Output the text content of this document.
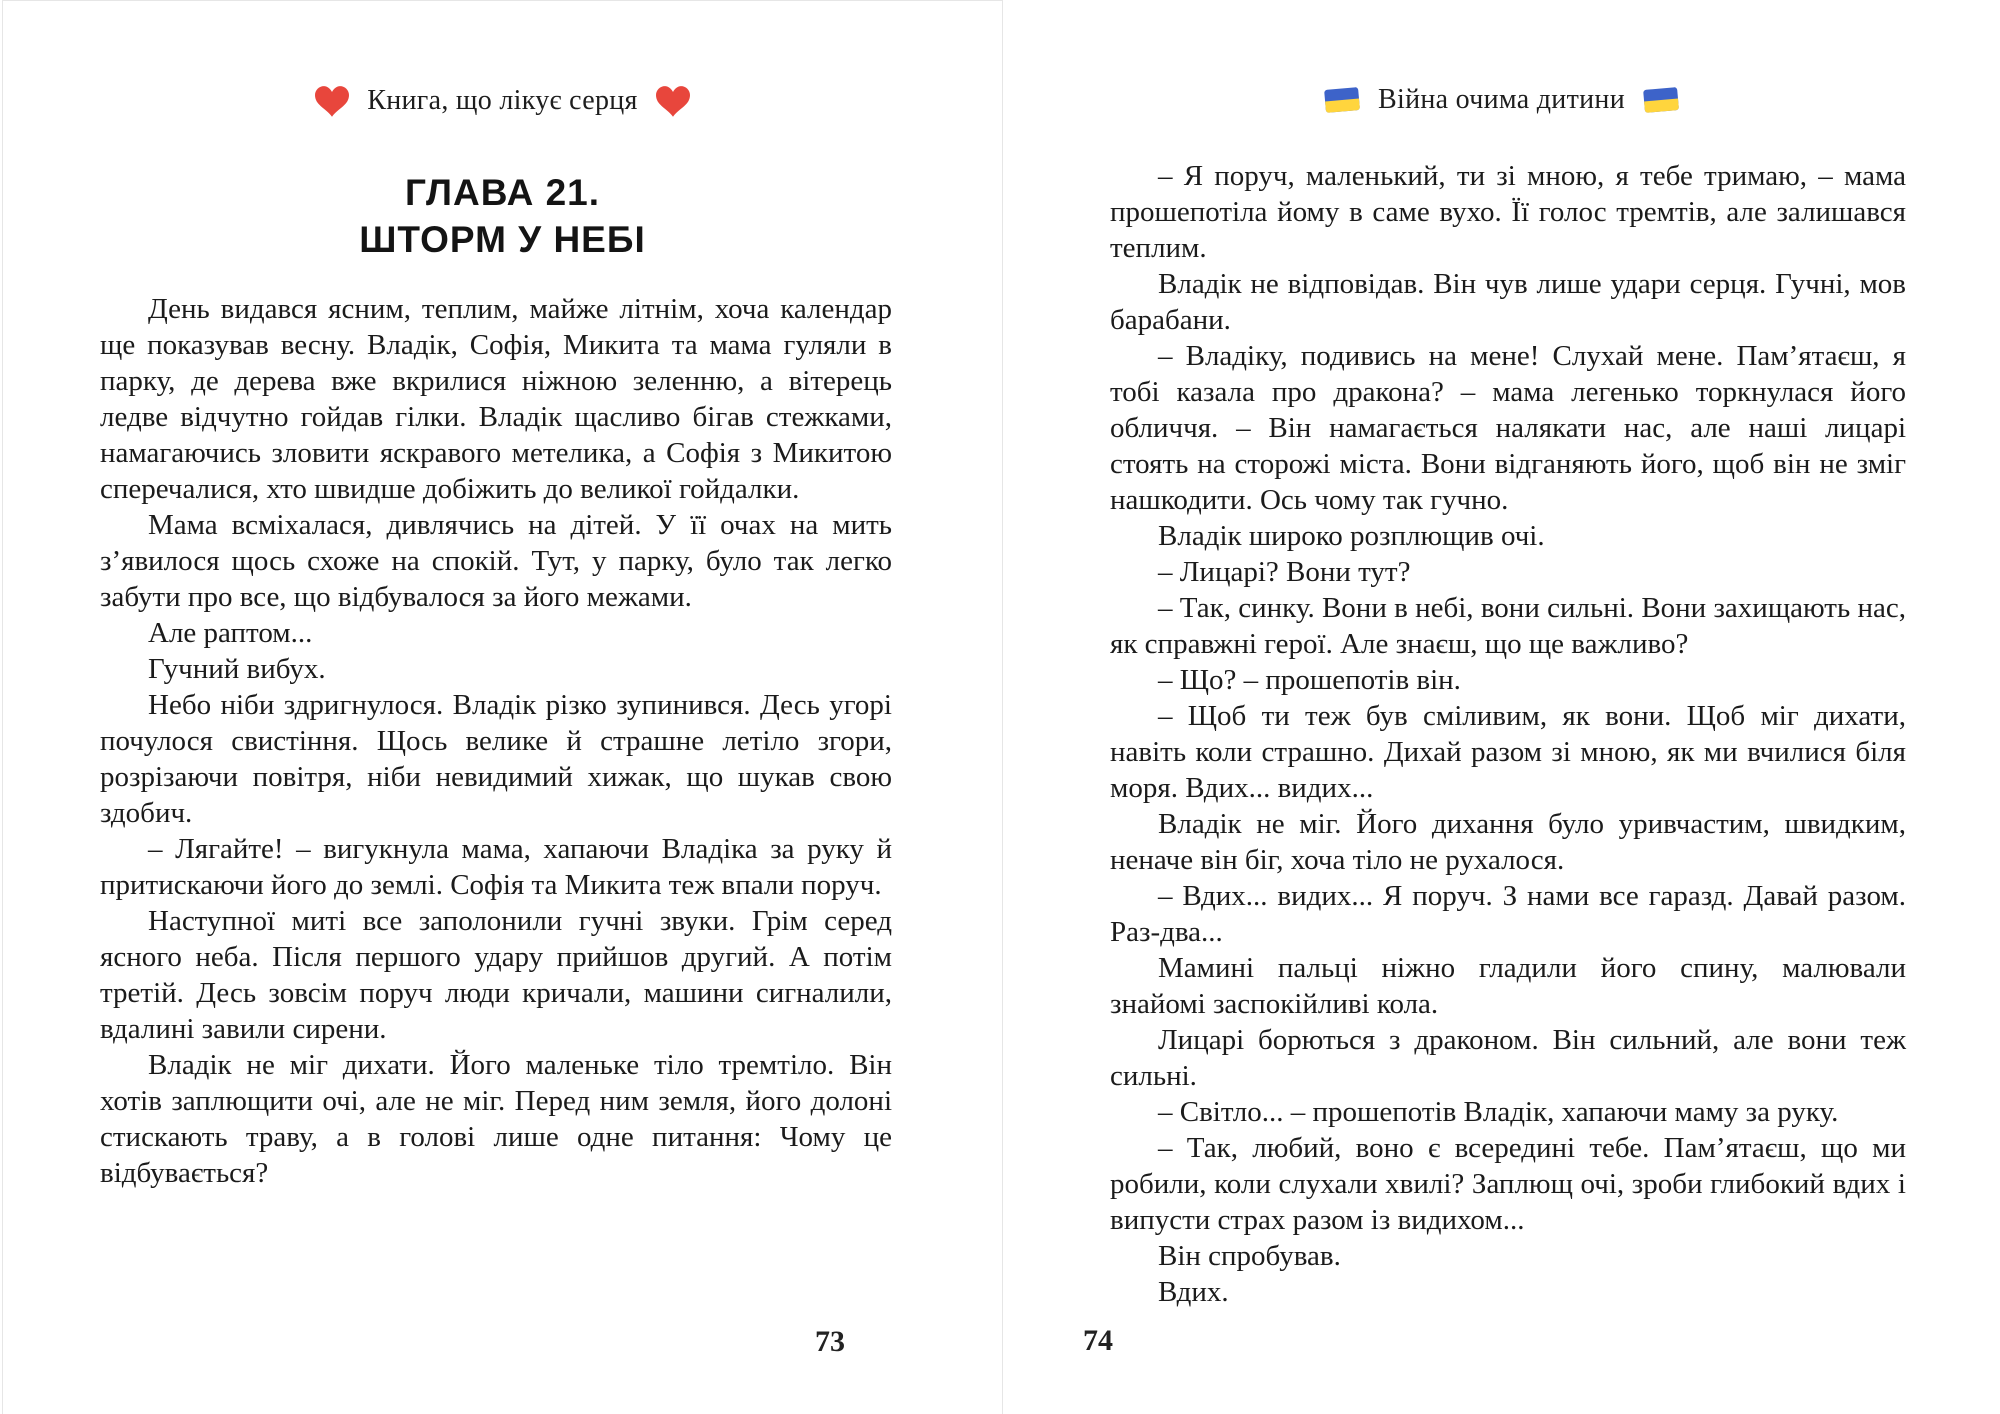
Книга, що лікує серця
ГЛАВА 21.
ШТОРМ У НЕБІ

День видався ясним, теплим, майже літнім, хоча календар ще показував весну. Владік, Софія, Микита та мама гуляли в парку, де дерева вже вкрилися ніжною зеленню, а вітерець ледве відчутно гойдав гілки. Владік щасливо бігав стежками, намагаючись зловити яскравого метелика, а Софія з Микитою сперечалися, хто швидше добіжить до великої гойдалки.

Мама всміхалася, дивлячись на дітей. У її очах на мить з’явилося щось схоже на спокій. Тут, у парку, було так легко забути про все, що відбувалося за його межами.

Але раптом...

Гучний вибух.

Небо ніби здригнулося. Владік різко зупинився. Десь угорі почулося свистіння. Щось велике й страшне летіло згори, розрізаючи повітря, ніби невидимий хижак, що шукав свою здобич.

– Лягайте! – вигукнула мама, хапаючи Владіка за руку й притискаючи його до землі. Софія та Микита теж впали поруч.

Наступної миті все заполонили гучні звуки. Грім серед ясного неба. Після першого удару прийшов другий. А потім третій. Десь зовсім поруч люди кричали, машини сигналили, вдалині завили сирени.

Владік не міг дихати. Його маленьке тіло тремтіло. Він хотів заплющити очі, але не міг. Перед ним земля, його долоні стискають траву, а в голові лише одне питання: Чому це відбувається?

73
Війна очима дитини

– Я поруч, маленький, ти зі мною, я тебе тримаю, – мама прошепотіла йому в саме вухо. Її голос тремтів, але залишався теплим.

Владік не відповідав. Він чув лише удари серця. Гучні, мов барабани.

– Владіку, подивись на мене! Слухай мене. Пам’ятаєш, я тобі казала про дракона? – мама легенько торкнулася його обличчя. – Він намагається налякати нас, але наші лицарі стоять на сторожі міста. Вони відганяють його, щоб він не зміг нашкодити. Ось чому так гучно.

Владік широко розплющив очі.

– Лицарі? Вони тут?

– Так, синку. Вони в небі, вони сильні. Вони захищають нас, як справжні герої. Але знаєш, що ще важливо?

– Що? – прошепотів він.

– Щоб ти теж був сміливим, як вони. Щоб міг дихати, навіть коли страшно. Дихай разом зі мною, як ми вчилися біля моря. Вдих... видих...

Владік не міг. Його дихання було уривчастим, швидким, неначе він біг, хоча тіло не рухалося.

– Вдих... видих... Я поруч. З нами все гаразд. Давай разом. Раз-два...

Мамині пальці ніжно гладили його спину, малювали знайомі заспокійливі кола.

Лицарі борються з драконом. Він сильний, але вони теж сильні.

– Світло... – прошепотів Владік, хапаючи маму за руку.

– Так, любий, воно є всередині тебе. Пам’ятаєш, що ми робили, коли слухали хвилі? Заплющ очі, зроби глибокий вдих і випусти страх разом із видихом...

Він спробував.

Вдих.

74
